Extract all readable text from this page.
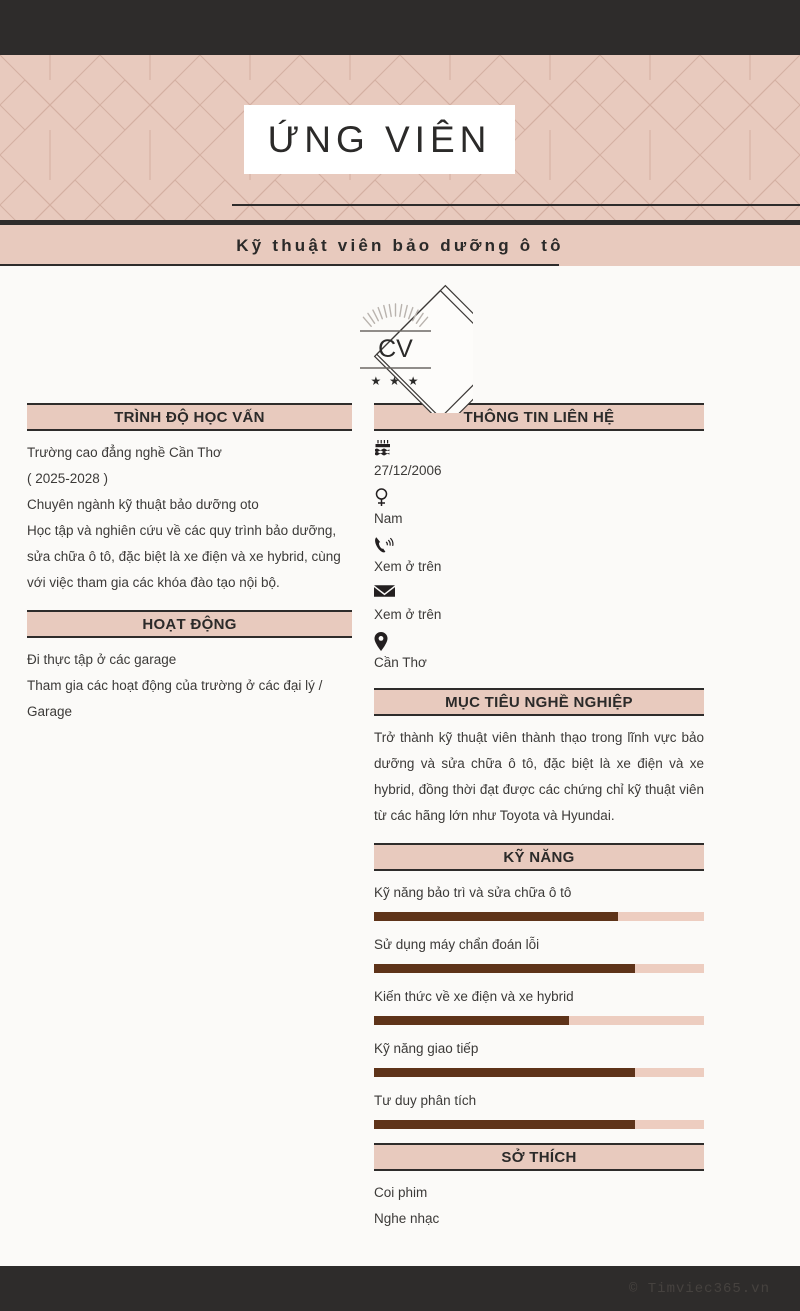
ỨNG VIÊN
Kỹ thuật viên bảo dưỡng ô tô
CV
★ ★ ★
TRÌNH ĐỘ HỌC VẤN
Trường cao đẳng nghề Cần Thơ
( 2025-2028 )
Chuyên ngành kỹ thuật bảo dưỡng oto
Học tập và nghiên cứu về các quy trình bảo dưỡng, sửa chữa ô tô, đặc biệt là xe điện và xe hybrid, cùng với việc tham gia các khóa đào tạo nội bộ.
HOẠT ĐỘNG
Đi thực tập ở các garage
Tham gia các hoạt động của trường ở các đại lý / Garage
THÔNG TIN LIÊN HỆ
27/12/2006
Nam
Xem ở trên
Xem ở trên
Cần Thơ
MỤC TIÊU NGHỀ NGHIỆP
Trở thành kỹ thuật viên thành thạo trong lĩnh vực bảo dưỡng và sửa chữa ô tô, đặc biệt là xe điện và xe hybrid, đồng thời đạt được các chứng chỉ kỹ thuật viên từ các hãng lớn như Toyota và Hyundai.
KỸ NĂNG
Kỹ năng bảo trì và sửa chữa ô tô
Sử dụng máy chẩn đoán lỗi
Kiến thức về xe điện và xe hybrid
Kỹ năng giao tiếp
Tư duy phân tích
SỞ THÍCH
Coi phim
Nghe nhạc
© Timviec365.vn
